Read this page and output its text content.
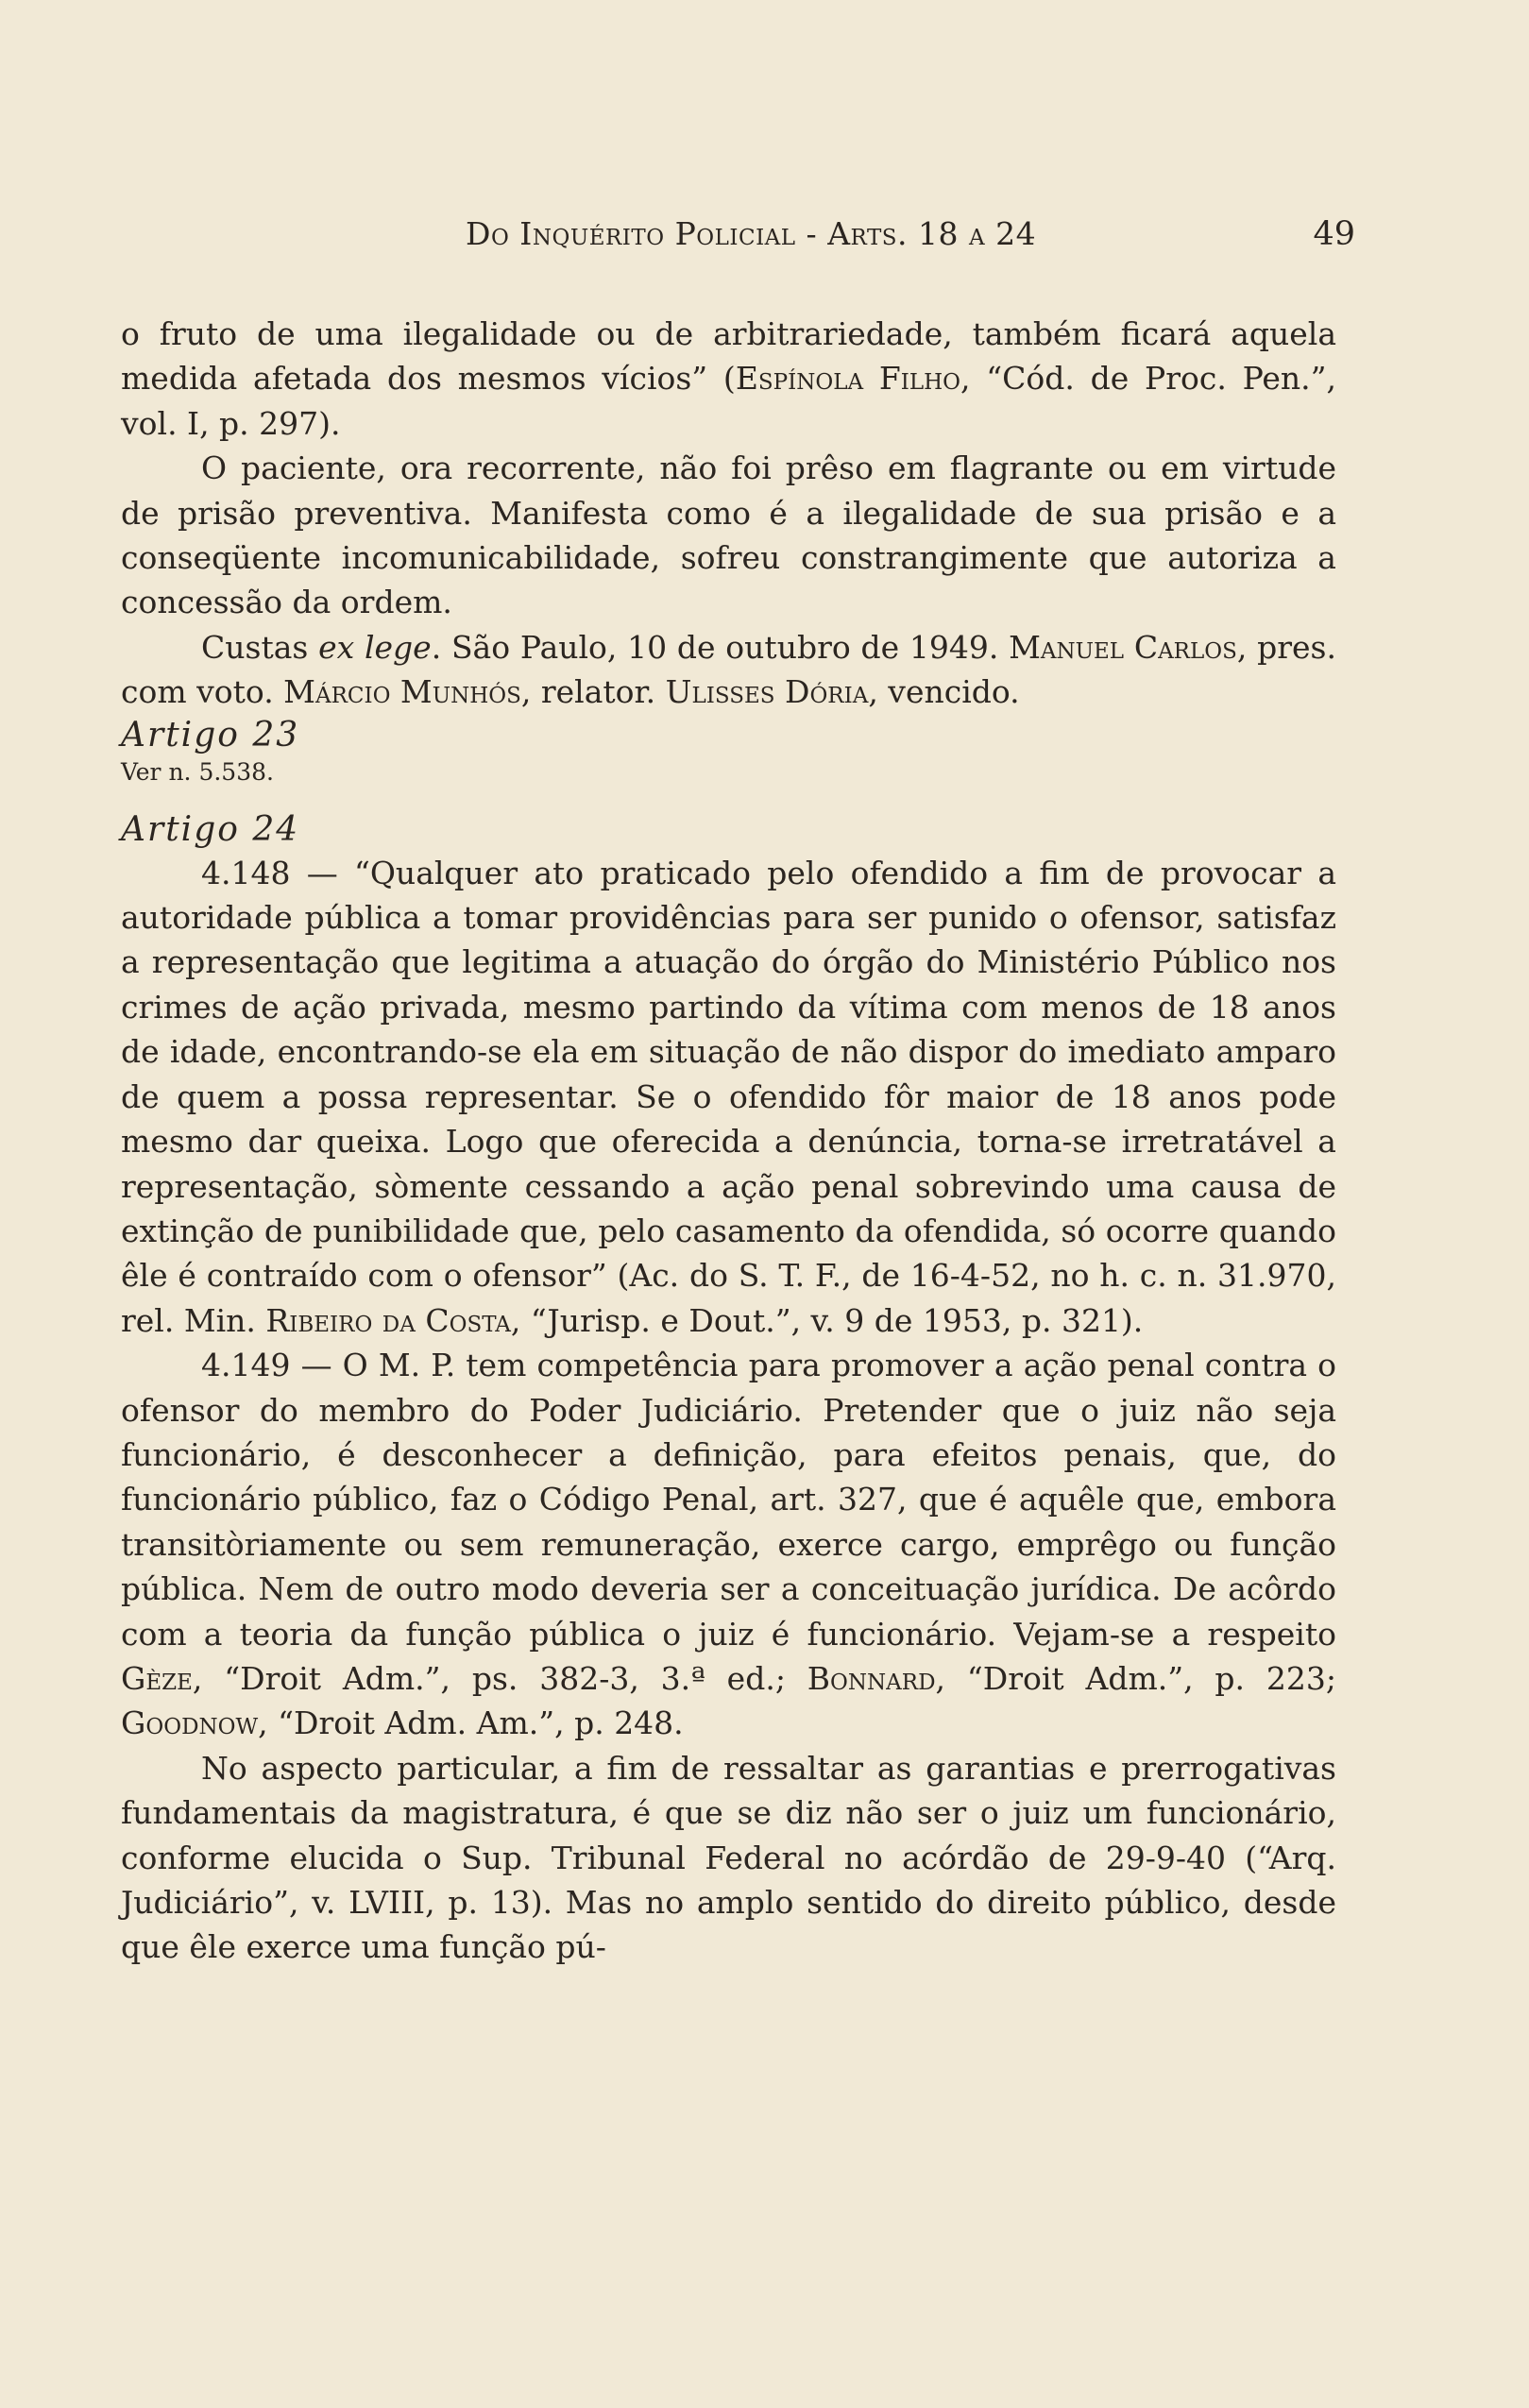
Do Inquérito Policial - Arts. 18 a 24	49

o fruto de uma ilegalidade ou de arbitrariedade, também ficará aquela medida afetada dos mesmos vícios” (Espínola Filho, “Cód. de Proc. Pen.”, vol. I, p. 297).

O paciente, ora recorrente, não foi prêso em flagrante ou em virtude de prisão preventiva. Manifesta como é a ilegalidade de sua prisão e a conseqüente incomunicabilidade, sofreu constrangimente que autoriza a concessão da ordem.

Custas ex lege. São Paulo, 10 de outubro de 1949. Manuel Carlos, pres. com voto. Márcio Munhós, relator. Ulisses Dória, vencido.

Artigo 23

Ver n. 5.538.

Artigo 24

4.148 — “Qualquer ato praticado pelo ofendido a fim de provocar a autoridade pública a tomar providências para ser punido o ofensor, satisfaz a representação que legitima a atuação do órgão do Ministério Público nos crimes de ação privada, mesmo partindo da vítima com menos de 18 anos de idade, encontrando-se ela em situação de não dispor do imediato amparo de quem a possa representar. Se o ofendido fôr maior de 18 anos pode mesmo dar queixa. Logo que oferecida a denúncia, torna-se irretratável a representação, sòmente cessando a ação penal sobrevindo uma causa de extinção de punibilidade que, pelo casamento da ofendida, só ocorre quando êle é contraído com o ofensor” (Ac. do S. T. F., de 16-4-52, no h. c. n. 31.970, rel. Min. Ribeiro da Costa, “Jurisp. e Dout.”, v. 9 de 1953, p. 321).

4.149 — O M. P. tem competência para promover a ação penal contra o ofensor do membro do Poder Judiciário. Pretender que o juiz não seja funcionário, é desconhecer a definição, para efeitos penais, que, do funcionário público, faz o Código Penal, art. 327, que é aquêle que, embora transitòriamente ou sem remuneração, exerce cargo, emprêgo ou função pública. Nem de outro modo deveria ser a conceituação jurídica. De acôrdo com a teoria da função pública o juiz é funcionário. Vejam-se a respeito Gèze, “Droit Adm.”, ps. 382-3, 3.ª ed.; Bonnard, “Droit Adm.”, p. 223; Goodnow, “Droit Adm. Am.”, p. 248.

No aspecto particular, a fim de ressaltar as garantias e prerrogativas fundamentais da magistratura, é que se diz não ser o juiz um funcionário, conforme elucida o Sup. Tribunal Federal no acórdão de 29-9-40 (“Arq. Judiciário”, v. LVIII, p. 13). Mas no amplo sentido do direito público, desde que êle exerce uma função pú-
